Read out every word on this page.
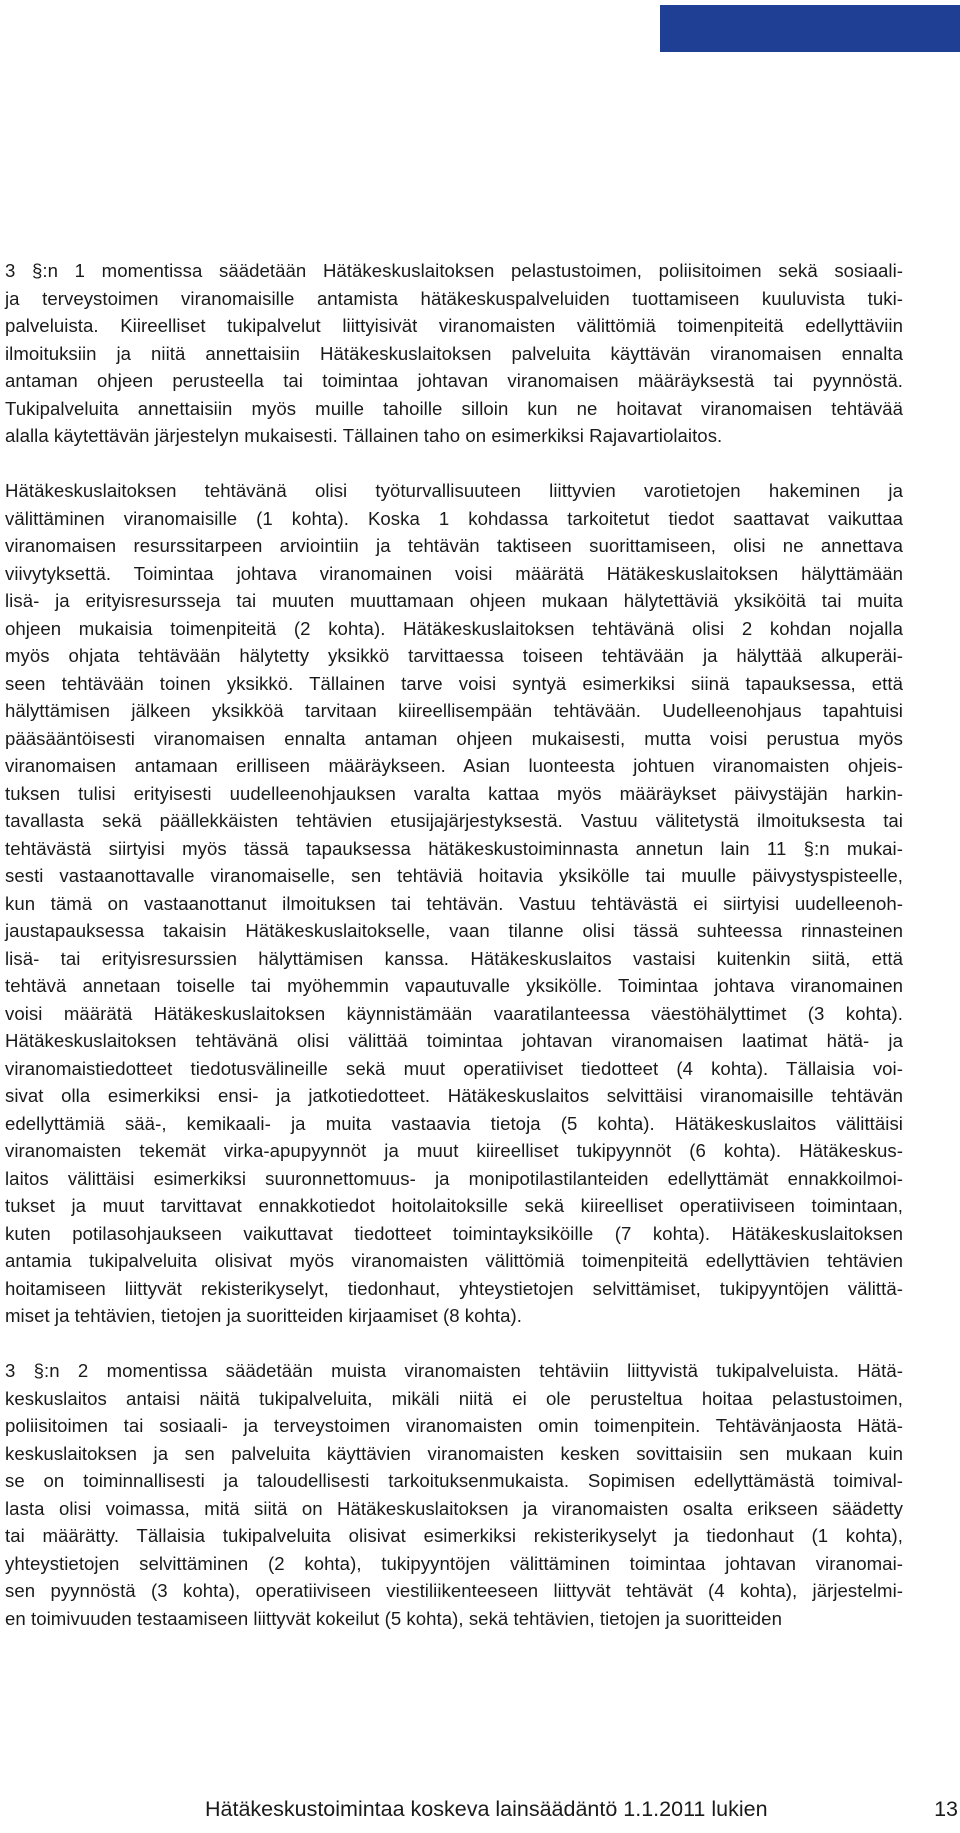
3 §:n 1 momentissa säädetään Hätäkeskuslaitoksen pelastustoimen, poliisitoimen sekä sosiaali-
ja terveystoimen viranomaisille antamista hätäkeskuspalveluiden tuottamiseen kuuluvista tuki-
palveluista. Kiireelliset tukipalvelut liittyisivät viranomaisten välittömiä toimenpiteitä edellyttäviin
ilmoituksiin ja niitä annettaisiin Hätäkeskuslaitoksen palveluita käyttävän viranomaisen ennalta
antaman ohjeen perusteella tai toimintaa johtavan viranomaisen määräyksestä tai pyynnöstä.
Tukipalveluita annettaisiin myös muille tahoille silloin kun ne hoitavat viranomaisen tehtävää
alalla käytettävän järjestelyn mukaisesti. Tällainen taho on esimerkiksi Rajavartiolaitos.
Hätäkeskuslaitoksen tehtävänä olisi työturvallisuuteen liittyvien varotietojen hakeminen ja
välittäminen viranomaisille (1 kohta). Koska 1 kohdassa tarkoitetut tiedot saattavat vaikuttaa
viranomaisen resurssitarpeen arviointiin ja tehtävän taktiseen suorittamiseen, olisi ne annettava
viivytyksettä. Toimintaa johtava viranomainen voisi määrätä Hätäkeskuslaitoksen hälyttämään
lisä- ja erityisresursseja tai muuten muuttamaan ohjeen mukaan hälytettäviä yksiköitä tai muita
ohjeen mukaisia toimenpiteitä (2 kohta). Hätäkeskuslaitoksen tehtävänä olisi 2 kohdan nojalla
myös ohjata tehtävään hälytetty yksikkö tarvittaessa toiseen tehtävään ja hälyttää alkuperäi-
seen tehtävään toinen yksikkö. Tällainen tarve voisi syntyä esimerkiksi siinä tapauksessa, että
hälyttämisen jälkeen yksikköä tarvitaan kiireellisempään tehtävään. Uudelleenohjaus tapahtuisi
pääsääntöisesti viranomaisen ennalta antaman ohjeen mukaisesti, mutta voisi perustua myös
viranomaisen antamaan erilliseen määräykseen. Asian luonteesta johtuen viranomaisten ohjeis-
tuksen tulisi erityisesti uudelleenohjauksen varalta kattaa myös määräykset päivystäjän harkin-
tavallasta sekä päällekkäisten tehtävien etusijajärjestyksestä. Vastuu välitetystä ilmoituksesta tai
tehtävästä siirtyisi myös tässä tapauksessa hätäkeskustoiminnasta annetun lain 11 §:n mukai-
sesti vastaanottavalle viranomaiselle, sen tehtäviä hoitavia yksikölle tai muulle päivystyspisteelle,
kun tämä on vastaanottanut ilmoituksen tai tehtävän. Vastuu tehtävästä ei siirtyisi uudelleenoh-
jaustapauksessa takaisin Hätäkeskuslaitokselle, vaan tilanne olisi tässä suhteessa rinnasteinen
lisä- tai erityisresurssien hälyttämisen kanssa. Hätäkeskuslaitos vastaisi kuitenkin siitä, että
tehtävä annetaan toiselle tai myöhemmin vapautuvalle yksikölle. Toimintaa johtava viranomainen
voisi määrätä Hätäkeskuslaitoksen käynnistämään vaaratilanteessa väestöhälyttimet (3 kohta).
Hätäkeskuslaitoksen tehtävänä olisi välittää toimintaa johtavan viranomaisen laatimat hätä- ja
viranomaistiedotteet tiedotusvälineille sekä muut operatiiviset tiedotteet (4 kohta). Tällaisia voi-
sivat olla esimerkiksi ensi- ja jatkotiedotteet. Hätäkeskuslaitos selvittäisi viranomaisille tehtävän
edellyttämiä sää-, kemikaali- ja muita vastaavia tietoja (5 kohta). Hätäkeskuslaitos välittäisi
viranomaisten tekemät virka-apupyynnöt ja muut kiireelliset tukipyynnöt (6 kohta). Hätäkeskus-
laitos välittäisi esimerkiksi suuronnettomuus- ja monipotilastilanteiden edellyttämät ennakkoilmoi-
tukset ja muut tarvittavat ennakkotiedot hoitolaitoksille sekä kiireelliset operatiiviseen toimintaan,
kuten potilasohjaukseen vaikuttavat tiedotteet toimintayksiköille (7 kohta). Hätäkeskuslaitoksen
antamia tukipalveluita olisivat myös viranomaisten välittömiä toimenpiteitä edellyttävien tehtävien
hoitamiseen liittyvät rekisterikyselyt, tiedonhaut, yhteystietojen selvittämiset, tukipyyntöjen välittä-
miset ja tehtävien, tietojen ja suoritteiden kirjaamiset (8 kohta).
3 §:n 2 momentissa säädetään muista viranomaisten tehtäviin liittyvistä tukipalveluista. Hätä-
keskuslaitos antaisi näitä tukipalveluita, mikäli niitä ei ole perusteltua hoitaa pelastustoimen,
poliisitoimen tai sosiaali- ja terveystoimen viranomaisten omin toimenpitein. Tehtävänjaosta Hätä-
keskuslaitoksen ja sen palveluita käyttävien viranomaisten kesken sovittaisiin sen mukaan kuin
se on toiminnallisesti ja taloudellisesti tarkoituksenmukaista. Sopimisen edellyttämästä toimival-
lasta olisi voimassa, mitä siitä on Hätäkeskuslaitoksen ja viranomaisten osalta erikseen säädetty
tai määrätty. Tällaisia tukipalveluita olisivat esimerkiksi rekisterikyselyt ja tiedonhaut (1 kohta),
yhteystietojen selvittäminen (2 kohta), tukipyyntöjen välittäminen toimintaa johtavan viranomai-
sen pyynnöstä (3 kohta), operatiiviseen viestiliikenteeseen liittyvät tehtävät (4 kohta), järjestelmi-
en toimivuuden testaamiseen liittyvät kokeilut (5 kohta), sekä tehtävien, tietojen ja suoritteiden
Hätäkeskustoimintaa koskeva lainsäädäntö 1.1.2011 lukien	13
